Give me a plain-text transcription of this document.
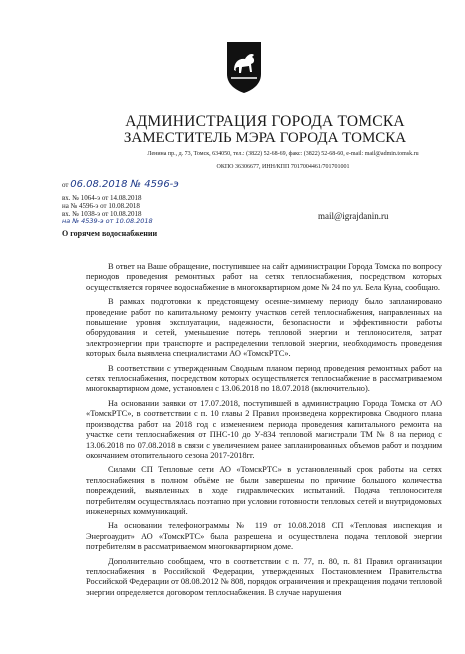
АДМИНИСТРАЦИЯ ГОРОДА ТОМСКА
ЗАМЕСТИТЕЛЬ МЭРА ГОРОДА ТОМСКА
Ленина пр., д. 73, Томск, 634050, тел.: (3822) 52-68-69, факс: (3822) 52-68-60, e-mail: mail@admin.tomsk.ru
ОКПО 36306677, ИНН/КПП 7017004461/701701001
от 06.08.2018 № 4596-э
вх. № 1064-э от 14.08.2018
на № 4596-э от 10.08.2018
вх. № 1038-э от 10.08.2018
на № 4539-э от 10.08.2018	mail@igrajdanin.ru
О горячем водоснабжении

В ответ на Ваше обращение, поступившее на сайт администрации Города Томска по вопросу периодов проведения ремонтных работ на сетях теплоснабжения, посредством которых осуществляется горячее водоснабжение в многоквартирном доме № 24 по ул. Бела Куна, сообщаю.

В рамках подготовки к предстоящему осенне-зимнему периоду было запланировано проведение работ по капитальному ремонту участков сетей теплоснабжения, направленных на повышение уровня эксплуатации, надежности, безопасности и эффективности работы оборудования и сетей, уменьшение потерь тепловой энергии и теплоносителя, затрат электроэнергии при транспорте и распределении тепловой энергии, необходимость проведения которых была выявлена специалистами АО «ТомскРТС».

В соответствии с утвержденным Сводным планом период проведения ремонтных работ на сетях теплоснабжения, посредством которых осуществляется теплоснабжение в рассматриваемом многоквартирном доме, установлен с 13.06.2018 по 18.07.2018 (включительно).

На основании заявки от 17.07.2018, поступившей в администрацию Города Томска от АО «ТомскРТС», в соответствии с п. 10 главы 2 Правил произведена корректировка Сводного плана производства работ на 2018 год с изменением периода проведения капитального ремонта на участке сети теплоснабжения от ПНС-10 до У-834 тепловой магистрали ТМ № 8 на период с 13.06.2018 по 07.08.2018 в связи с увеличением ранее запланированных объемов работ и поздним окончанием отопительного сезона 2017-2018гг.

Силами СП Тепловые сети АО «ТомскРТС» в установленный срок работы на сетях теплоснабжения в полном объёме не были завершены по причине большого количества повреждений, выявленных в ходе гидравлических испытаний. Подача теплоносителя потребителям осуществлялась поэтапно при условии готовности тепловых сетей и внутридомовых инженерных коммуникаций.

На основании телефонограммы № 119 от 10.08.2018 СП «Тепловая инспекция и Энергоаудит» АО «ТомскРТС» была разрешена и осуществлена подача тепловой энергии потребителям в рассматриваемом многоквартирном доме.

Дополнительно сообщаем, что в соответствии с п. 77, п. 80, п. 81 Правил организации теплоснабжения в Российской Федерации, утвержденных Постановлением Правительства Российской Федерации от 08.08.2012 № 808, порядок ограничения и прекращения подачи тепловой энергии определяется договором теплоснабжения. В случае нарушения
